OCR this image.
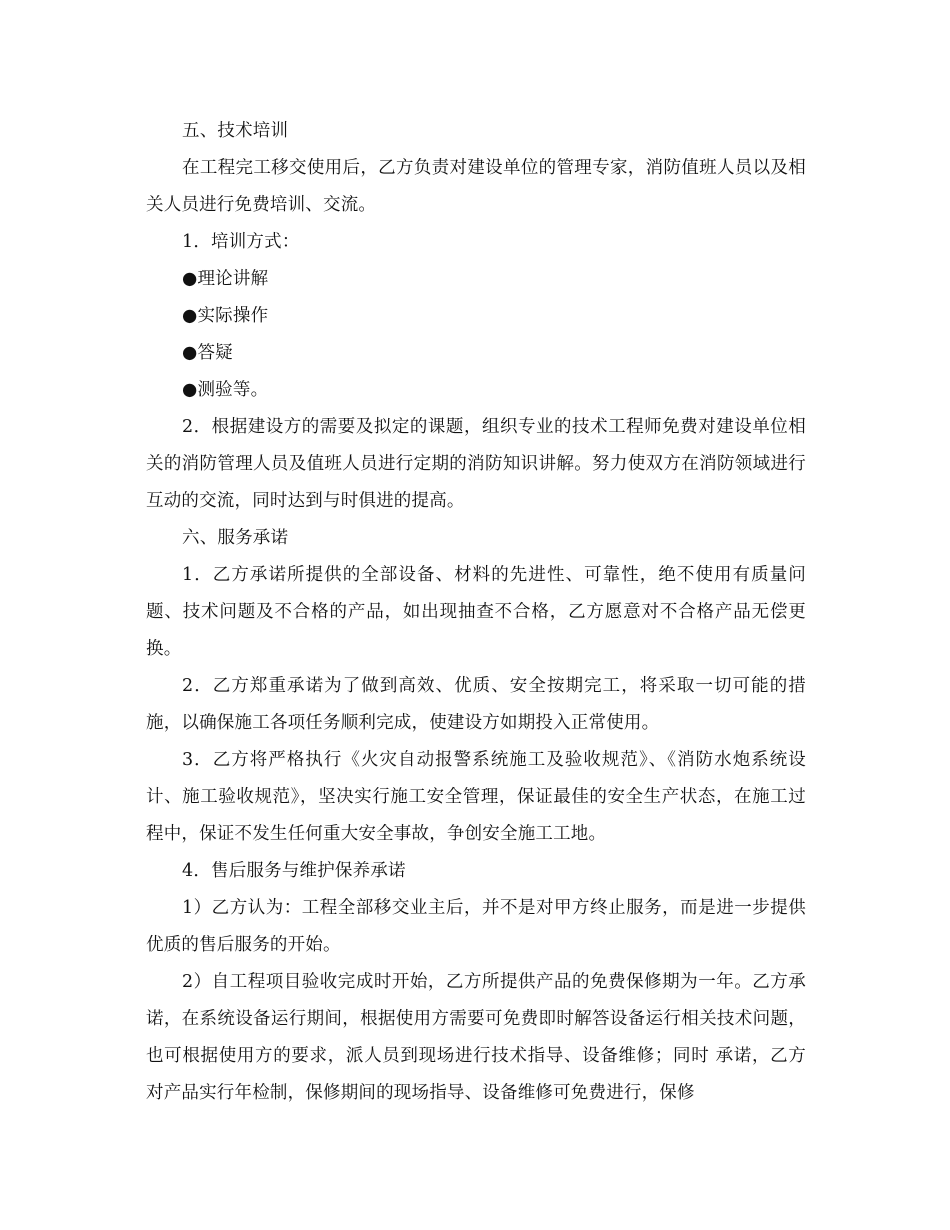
五、技术培训

在工程完工移交使用后，乙方负责对建设单位的管理专家，消防值班人员以及相关人员进行免费培训、交流。

1．培训方式：

●理论讲解

●实际操作

●答疑

●测验等。

2．根据建设方的需要及拟定的课题，组织专业的技术工程师免费对建设单位相关的消防管理人员及值班人员进行定期的消防知识讲解。努力使双方在消防领域进行互动的交流，同时达到与时俱进的提高。

六、服务承诺

1．乙方承诺所提供的全部设备、材料的先进性、可靠性，绝不使用有质量问题、技术问题及不合格的产品，如出现抽查不合格，乙方愿意对不合格产品无偿更换。

2．乙方郑重承诺为了做到高效、优质、安全按期完工，将采取一切可能的措施，以确保施工各项任务顺利完成，使建设方如期投入正常使用。

3．乙方将严格执行《火灾自动报警系统施工及验收规范》、《消防水炮系统设计、施工验收规范》，坚决实行施工安全管理，保证最佳的安全生产状态，在施工过程中，保证不发生任何重大安全事故，争创安全施工工地。

4．售后服务与维护保养承诺

1）乙方认为：工程全部移交业主后，并不是对甲方终止服务，而是进一步提供优质的售后服务的开始。

2）自工程项目验收完成时开始，乙方所提供产品的免费保修期为一年。乙方承诺，在系统设备运行期间，根据使用方需要可免费即时解答设备运行相关技术问题，也可根据使用方的要求，派人员到现场进行技术指导、设备维修；同时 承诺，乙方对产品实行年检制，保修期间的现场指导、设备维修可免费进行，保修
